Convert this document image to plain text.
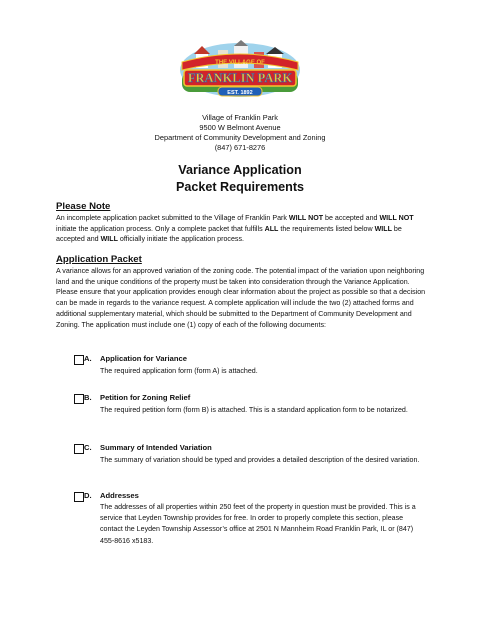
THE VILLAGE OF
FRANKLIN PARK
EST. 1892
Village of Franklin Park
9500 W Belmont Avenue
Department of Community Development and Zoning
(847) 671-8276
Variance Application
Packet Requirements
Please Note
An incomplete application packet submitted to the Village of Franklin Park WILL NOT be accepted and WILL NOT initiate the application process. Only a complete packet that fulfills ALL the requirements listed below WILL be accepted and WILL officially initiate the application process.
Application Packet
A variance allows for an approved variation of the zoning code. The potential impact of the variation upon neighboring land and the unique conditions of the property must be taken into consideration through the Variance Application. Please ensure that your application provides enough clear information about the project as possible so that a decision can be made in regards to the variance request. A complete application will include the two (2) attached forms and additional supplementary material, which should be submitted to the Department of Community Development and Zoning. The application must include one (1) copy of each of the following documents:
A. Application for Variance
The required application form (form A) is attached.
B. Petition for Zoning Relief
The required petition form (form B) is attached. This is a standard application form to be notarized.
C. Summary of Intended Variation
The summary of variation should be typed and provides a detailed description of the desired variation.
D. Addresses
The addresses of all properties within 250 feet of the property in question must be provided. This is a service that Leyden Township provides for free. In order to properly complete this section, please contact the Leyden Township Assessor’s office at 2501 N Mannheim Road Franklin Park, IL or (847) 455-8616 x5183.
